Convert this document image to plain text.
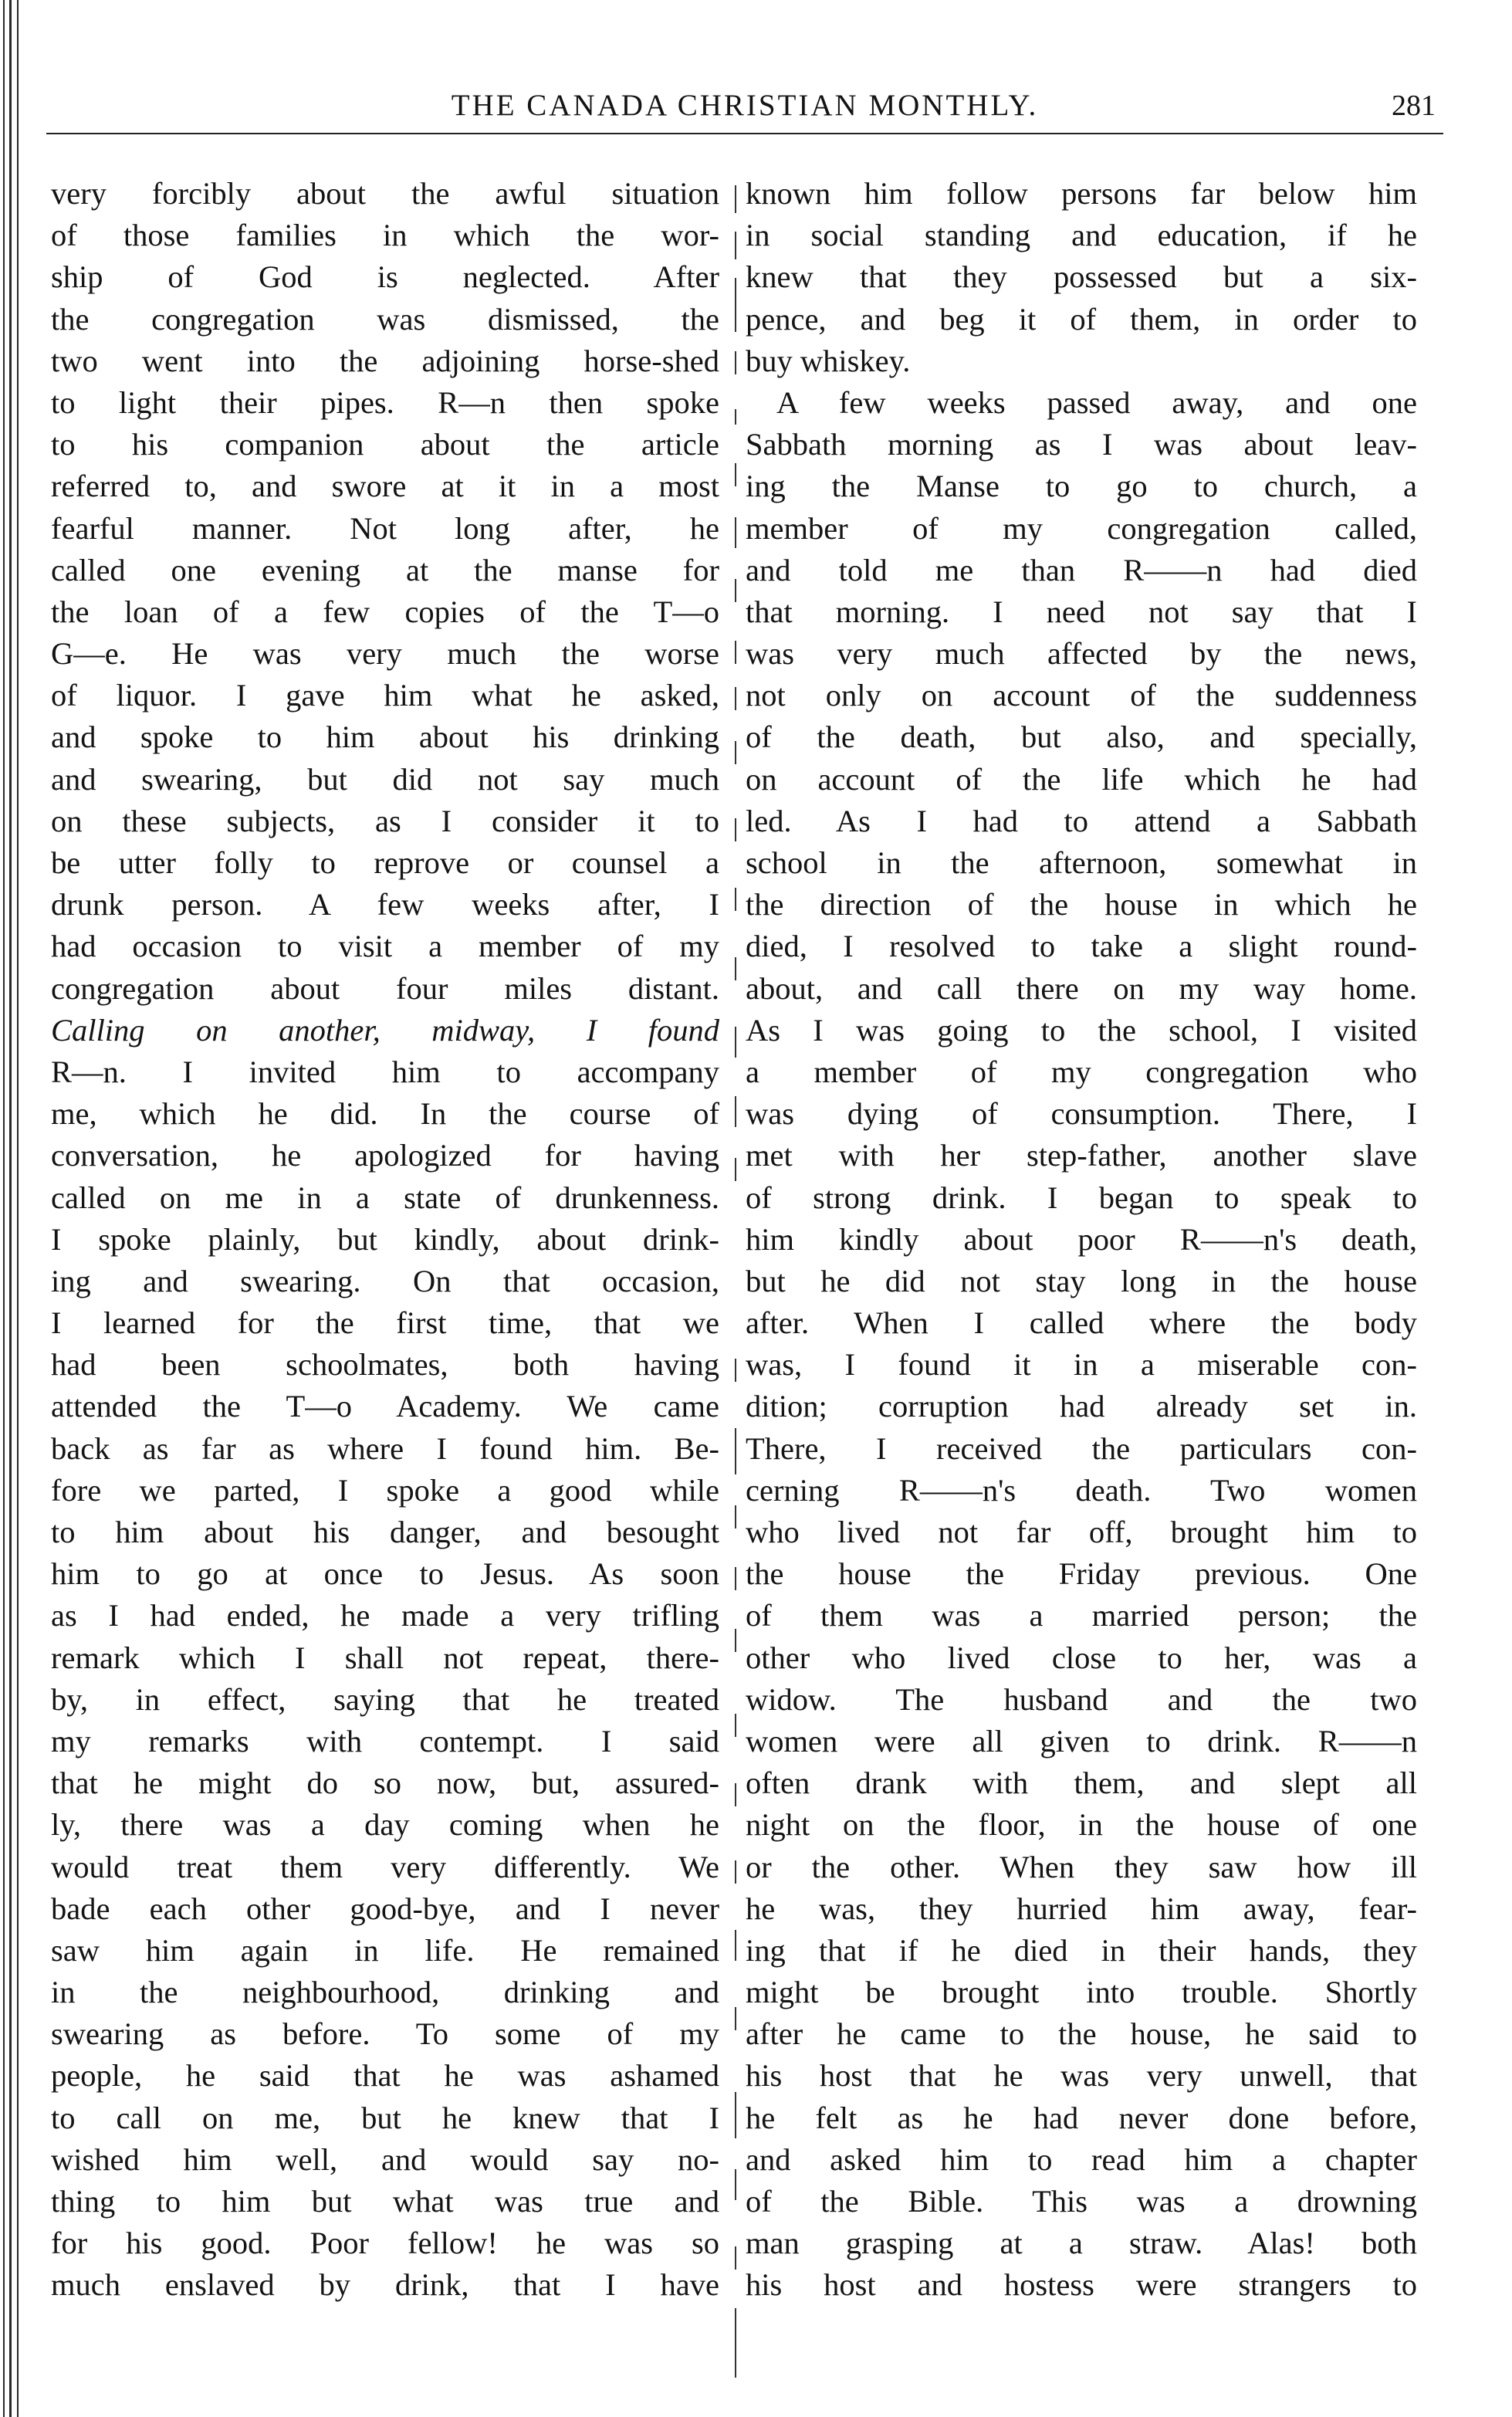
THE CANADA CHRISTIAN MONTHLY.	281
very forcibly about the awful situation
of those families in which the wor-
ship of God is neglected. After
the congregation was dismissed, the
two went into the adjoining horse-shed
to light their pipes. R—n then spoke
to his companion about the article
referred to, and swore at it in a most
fearful manner. Not long after, he
called one evening at the manse for
the loan of a few copies of the T—o
G—e. He was very much the worse
of liquor. I gave him what he asked,
and spoke to him about his drinking
and swearing, but did not say much
on these subjects, as I consider it to
be utter folly to reprove or counsel a
drunk person. A few weeks after, I
had occasion to visit a member of my
congregation about four miles distant.
Calling on another, midway, I found
R—n. I invited him to accompany
me, which he did. In the course of
conversation, he apologized for having
called on me in a state of drunkenness.
I spoke plainly, but kindly, about drink-
ing and swearing. On that occasion,
I learned for the first time, that we
had been schoolmates, both having
attended the T—o Academy. We came
back as far as where I found him. Be-
fore we parted, I spoke a good while
to him about his danger, and besought
him to go at once to Jesus. As soon
as I had ended, he made a very trifling
remark which I shall not repeat, there-
by, in effect, saying that he treated
my remarks with contempt. I said
that he might do so now, but, assured-
ly, there was a day coming when he
would treat them very differently. We
bade each other good-bye, and I never
saw him again in life. He remained
in the neighbourhood, drinking and
swearing as before. To some of my
people, he said that he was ashamed
to call on me, but he knew that I
wished him well, and would say no-
thing to him but what was true and
for his good. Poor fellow! he was so
much enslaved by drink, that I have
known him follow persons far below him
in social standing and education, if he
knew that they possessed but a six-
pence, and beg it of them, in order to
buy whiskey.
A few weeks passed away, and one
Sabbath morning as I was about leav-
ing the Manse to go to church, a
member of my congregation called,
and told me than R——n had died
that morning. I need not say that I
was very much affected by the news,
not only on account of the suddenness
of the death, but also, and specially,
on account of the life which he had
led. As I had to attend a Sabbath
school in the afternoon, somewhat in
the direction of the house in which he
died, I resolved to take a slight round-
about, and call there on my way home.
As I was going to the school, I visited
a member of my congregation who
was dying of consumption. There, I
met with her step-father, another slave
of strong drink. I began to speak to
him kindly about poor R——n's death,
but he did not stay long in the house
after. When I called where the body
was, I found it in a miserable con-
dition; corruption had already set in.
There, I received the particulars con-
cerning R——n's death. Two women
who lived not far off, brought him to
the house the Friday previous. One
of them was a married person; the
other who lived close to her, was a
widow. The husband and the two
women were all given to drink. R——n
often drank with them, and slept all
night on the floor, in the house of one
or the other. When they saw how ill
he was, they hurried him away, fear-
ing that if he died in their hands, they
might be brought into trouble. Shortly
after he came to the house, he said to
his host that he was very unwell, that
he felt as he had never done before,
and asked him to read him a chapter
of the Bible. This was a drowning
man grasping at a straw. Alas! both
his host and hostess were strangers to
